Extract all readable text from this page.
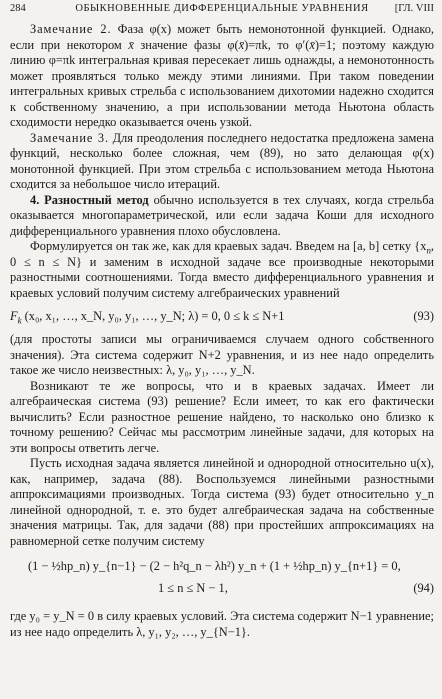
284	ОБЫКНОВЕННЫЕ ДИФФЕРЕНЦИАЛЬНЫЕ УРАВНЕНИЯ	[ГЛ. VIII

Замечание 2. Фаза φ(x) может быть немонотонной функцией. Однако, если при некотором x̄ значение фазы φ(x̄)=πk, то φ′(x̄)=1; поэтому каждую линию φ=πk интегральная кривая пересекает лишь однажды, а немонотонность может проявляться только между этими линиями. При таком поведении интегральных кривых стрельба с использованием дихотомии надежно сходится к собственному значению, а при использовании метода Ньютона область сходимости нередко оказывается очень узкой.

Замечание 3. Для преодоления последнего недостатка предложена замена функций, несколько более сложная, чем (89), но зато делающая φ(x) монотонной функцией. При этом стрельба с использованием метода Ньютона сходится за небольшое число итераций.

4. Разностный метод обычно используется в тех случаях, когда стрельба оказывается многопараметрической, или если задача Коши для исходного дифференциального уравнения плохо обусловлена.

Формулируется он так же, как для краевых задач. Введем на [a, b] сетку {$x_n$, 0 ≤ n ≤ N} и заменим в исходной задаче все производные некоторыми разностными соотношениями. Тогда вместо дифференциального уравнения и краевых условий получим систему алгебраических уравнений

$F_k$ (x₀, x₁, …, x_N, y₀, y₁, …, y_N; λ) = 0, 0 ≤ k ≤ N+1	(93)

(для простоты записи мы ограничиваемся случаем одного собственного значения). Эта система содержит N+2 уравнения, и из нее надо определить такое же число неизвестных: λ, y₀, y₁, …, y_N.

Возникают те же вопросы, что и в краевых задачах. Имеет ли алгебраическая система (93) решение? Если имеет, то как его фактически вычислить? Если разностное решение найдено, то насколько оно близко к точному решению? Сейчас мы рассмотрим линейные задачи, для которых на эти вопросы ответить легче.

Пусть исходная задача является линейной и однородной относительно u(x), как, например, задача (88). Воспользуемся линейными разностными аппроксимациями производных. Тогда система (93) будет относительно y_n линейной однородной, т. е. это будет алгебраическая задача на собственные значения матрицы. Так, для задачи (88) при простейших аппроксимациях на равномерной сетке получим систему

(1 − ½hp_n) y_{n−1} − (2 − h²q_n − λh²) y_n + (1 + ½hp_n) y_{n+1} = 0,
1 ≤ n ≤ N − 1,	(94)

где y₀ = y_N = 0 в силу краевых условий. Эта система содержит N−1 уравнение; из нее надо определить λ, y₁, y₂, …, y_{N−1}.
